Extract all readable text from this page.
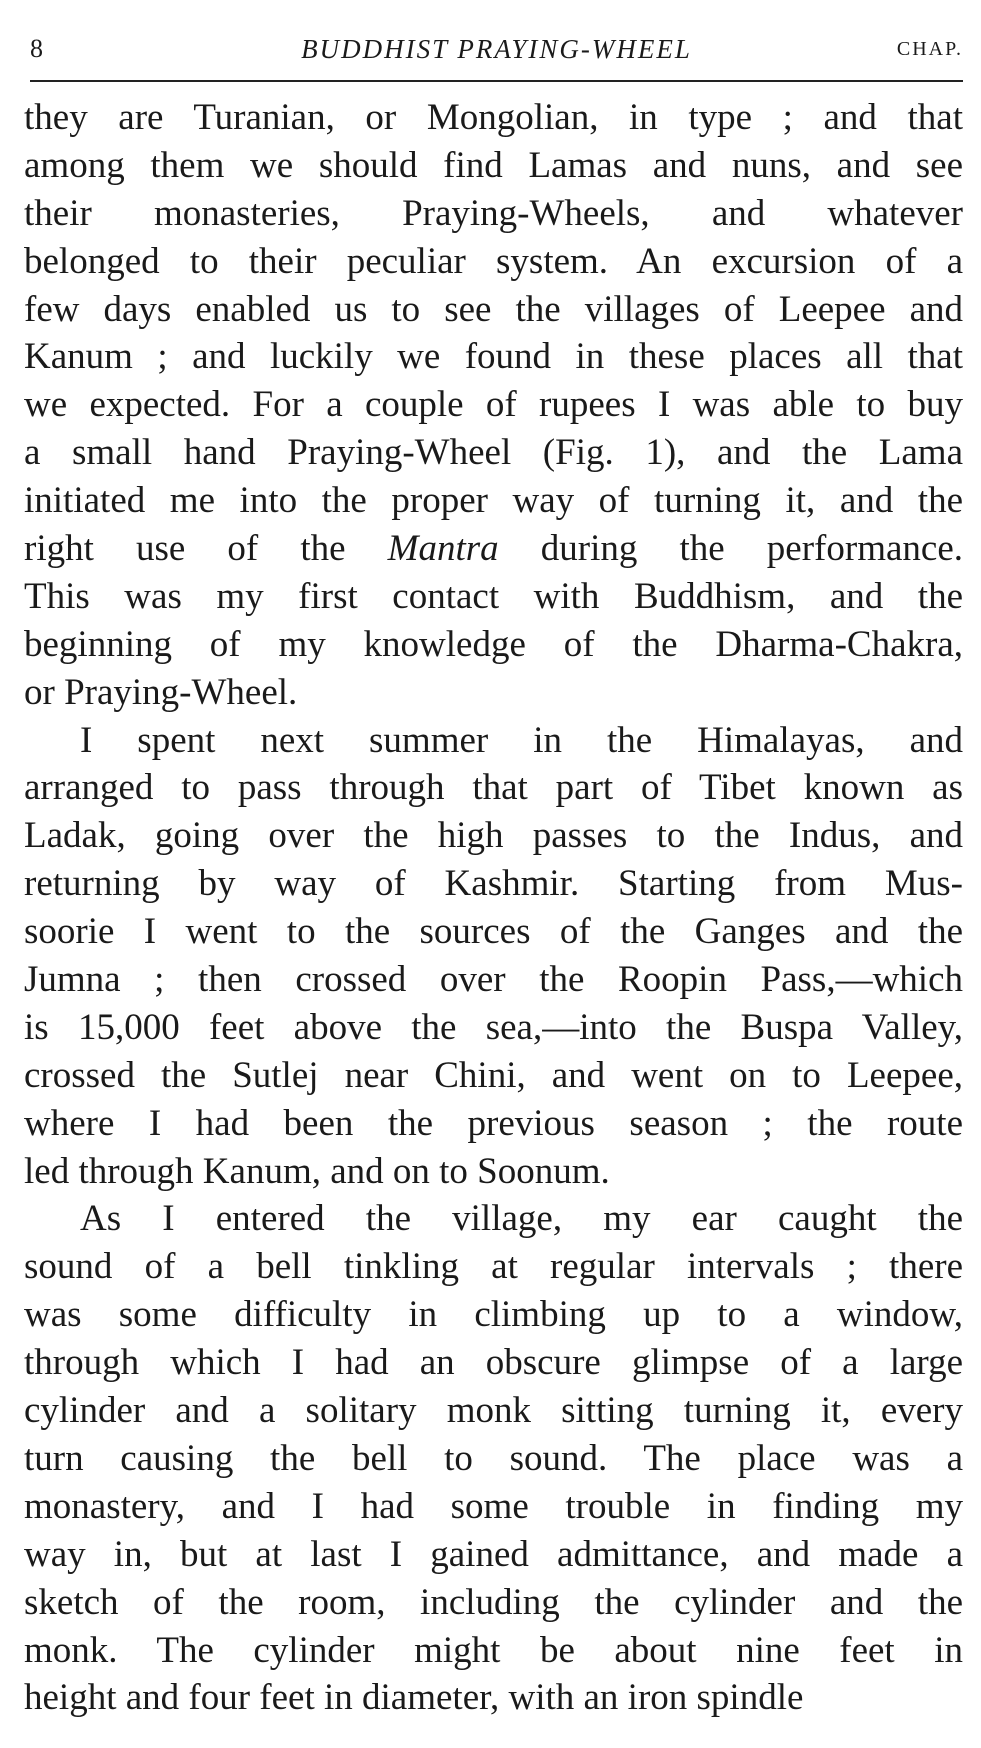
8	BUDDHIST PRAYING-WHEEL	CHAP.
they are Turanian, or Mongolian, in type ; and that
among them we should find Lamas and nuns, and see
their monasteries, Praying-Wheels, and whatever
belonged to their peculiar system. An excursion of a
few days enabled us to see the villages of Leepee and
Kanum ; and luckily we found in these places all that
we expected. For a couple of rupees I was able to buy
a small hand Praying-Wheel (Fig. 1), and the Lama
initiated me into the proper way of turning it, and the
right use of the Mantra during the performance.
This was my first contact with Buddhism, and the
beginning of my knowledge of the Dharma-Chakra,
or Praying-Wheel.
I spent next summer in the Himalayas, and
arranged to pass through that part of Tibet known as
Ladak, going over the high passes to the Indus, and
returning by way of Kashmir. Starting from Mus-
soorie I went to the sources of the Ganges and the
Jumna ; then crossed over the Roopin Pass,—which
is 15,000 feet above the sea,—into the Buspa Valley,
crossed the Sutlej near Chini, and went on to Leepee,
where I had been the previous season ; the route
led through Kanum, and on to Soonum.
As I entered the village, my ear caught the
sound of a bell tinkling at regular intervals ; there
was some difficulty in climbing up to a window,
through which I had an obscure glimpse of a large
cylinder and a solitary monk sitting turning it, every
turn causing the bell to sound. The place was a
monastery, and I had some trouble in finding my
way in, but at last I gained admittance, and made a
sketch of the room, including the cylinder and the
monk. The cylinder might be about nine feet in
height and four feet in diameter, with an iron spindle
